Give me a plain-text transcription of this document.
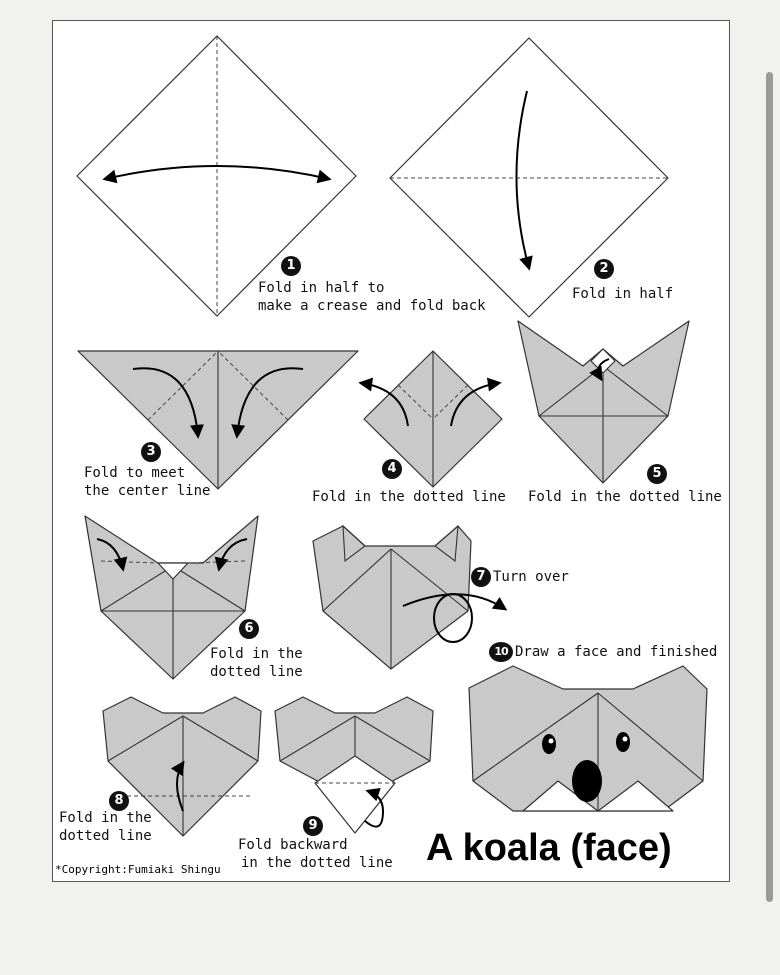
1
Fold in half to
make a crease and fold back
2
Fold in half
3
Fold to meet
the center line
4
Fold in the dotted line
5
Fold in the dotted line
6
Fold in the
dotted line
7 Turn over
10 Draw a face and finished
8
Fold in the
dotted line
9
Fold backward
in the dotted line A koala (face)
*Copyright:Fumiaki Shingu
